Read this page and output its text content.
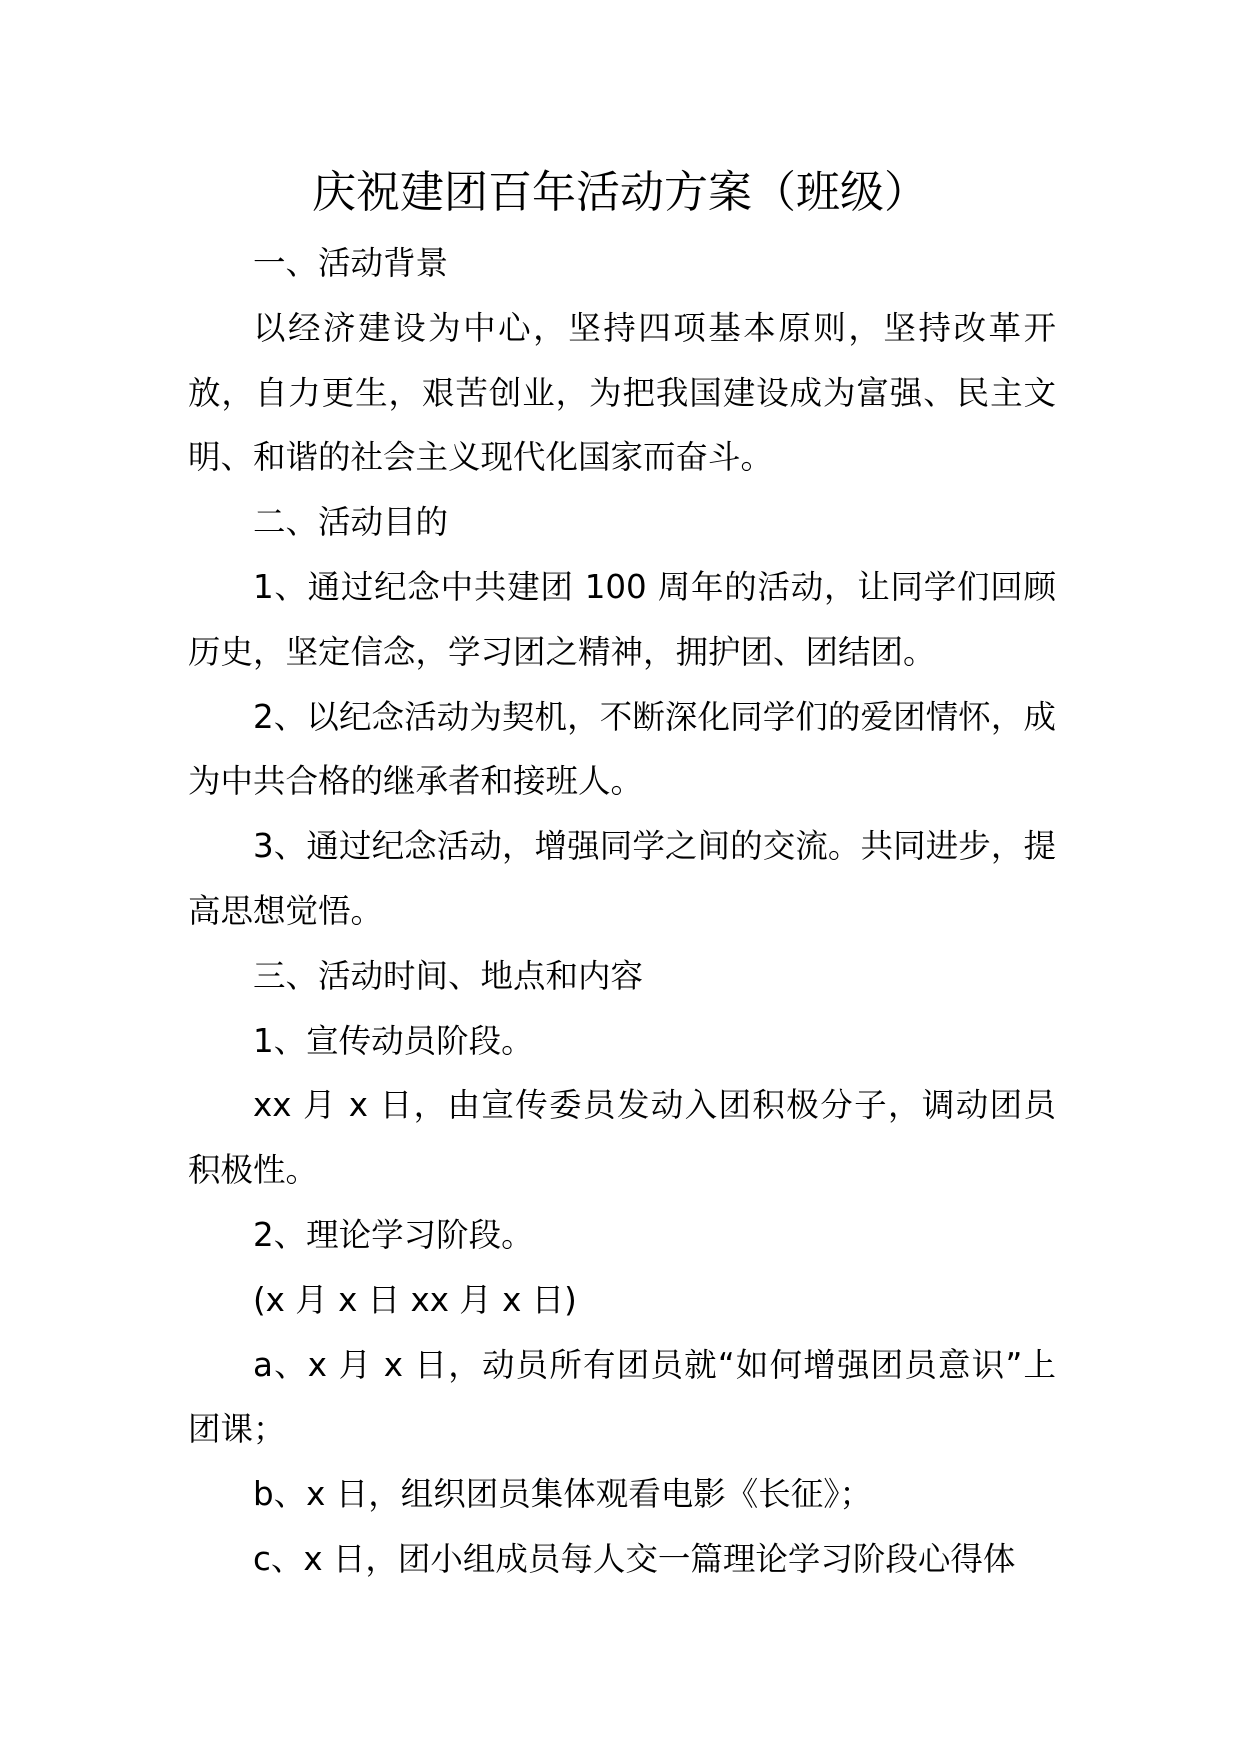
庆祝建团百年活动方案（班级）

一、活动背景

以经济建设为中心，坚持四项基本原则，坚持改革开放，自力更生，艰苦创业，为把我国建设成为富强、民主文明、和谐的社会主义现代化国家而奋斗。

二、活动目的

1、通过纪念中共建团 100 周年的活动，让同学们回顾历史，坚定信念，学习团之精神，拥护团、团结团。

2、以纪念活动为契机，不断深化同学们的爱团情怀，成为中共合格的继承者和接班人。

3、通过纪念活动，增强同学之间的交流。共同进步，提高思想觉悟。

三、活动时间、地点和内容

1、宣传动员阶段。

xx 月 x 日，由宣传委员发动入团积极分子，调动团员积极性。

2、理论学习阶段。

(x 月 x 日 xx 月 x 日)

a、x 月 x 日，动员所有团员就“如何增强团员意识”上团课；

b、x 日，组织团员集体观看电影《长征》；

c、x 日，团小组成员每人交一篇理论学习阶段心得体
